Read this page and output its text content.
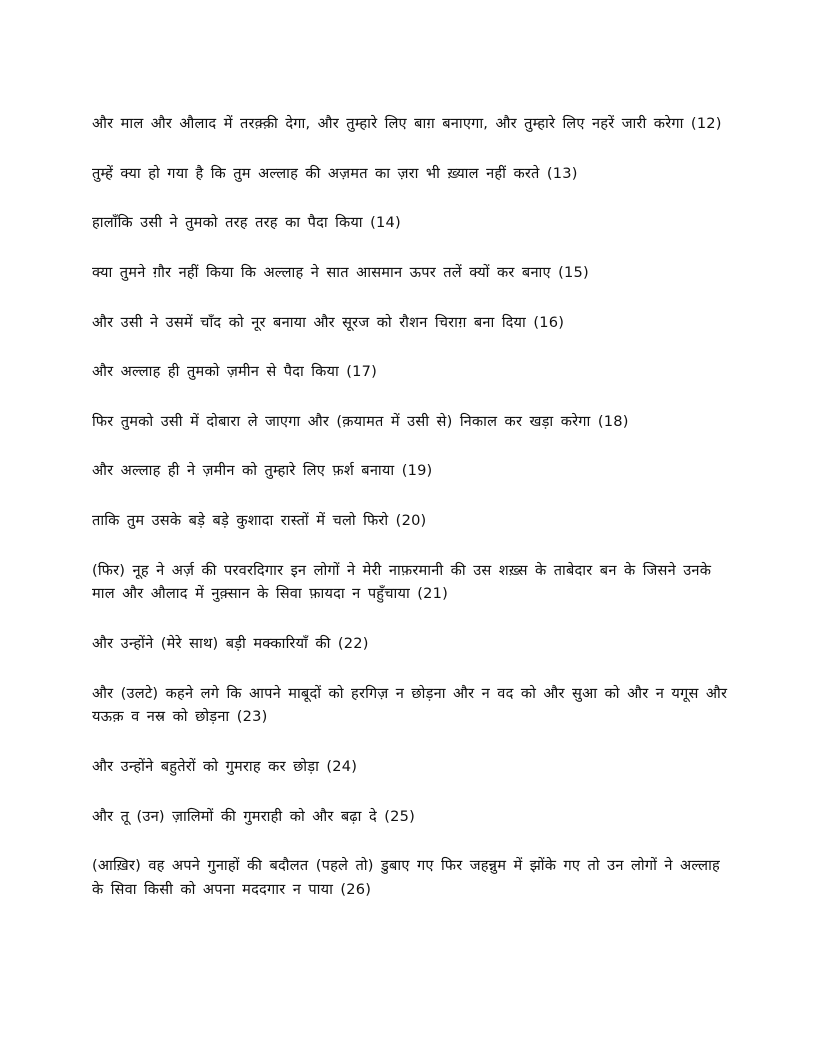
और माल और औलाद में तरक़्क़ी देगा, और तुम्हारे लिए बाग़ बनाएगा, और तुम्हारे लिए नहरें जारी करेगा (12)

तुम्हें क्या हो गया है कि तुम अल्लाह की अज़मत का ज़रा भी ख़्याल नहीं करते (13)

हालाँकि उसी ने तुमको तरह तरह का पैदा किया (14)

क्या तुमने ग़ौर नहीं किया कि अल्लाह ने सात आसमान ऊपर तलें क्यों कर बनाए (15)

और उसी ने उसमें चाँद को नूर बनाया और सूरज को रौशन चिराग़ बना दिया (16)

और अल्लाह ही तुमको ज़मीन से पैदा किया (17)

फिर तुमको उसी में दोबारा ले जाएगा और (क़यामत में उसी से) निकाल कर खड़ा करेगा (18)

और अल्लाह ही ने ज़मीन को तुम्हारे लिए फ़र्श बनाया (19)

ताकि तुम उसके बड़े बड़े कुशादा रास्तों में चलो फिरो (20)

(फिर) नूह ने अर्ज़ की परवरदिगार इन लोगों ने मेरी नाफ़रमानी की उस शख़्स के ताबेदार बन के जिसने उनके माल और औलाद में नुक़्सान के सिवा फ़ायदा न पहुँचाया (21)

और उन्होंने (मेरे साथ) बड़ी मक्कारियाँ की (22)

और (उलटे) कहने लगे कि आपने माबूदों को हरगिज़ न छोड़ना और न वद को और सुआ को और न यगूस और यऊक़ व नस्र को छोड़ना (23)

और उन्होंने बहुतेरों को गुमराह कर छोड़ा (24)

और तू (उन) ज़ालिमों की गुमराही को और बढ़ा दे (25)

(आख़िर) वह अपने गुनाहों की बदौलत (पहले तो) डुबाए गए फिर जहन्नुम में झोंके गए तो उन लोगों ने अल्लाह के सिवा किसी को अपना मददगार न पाया (26)
